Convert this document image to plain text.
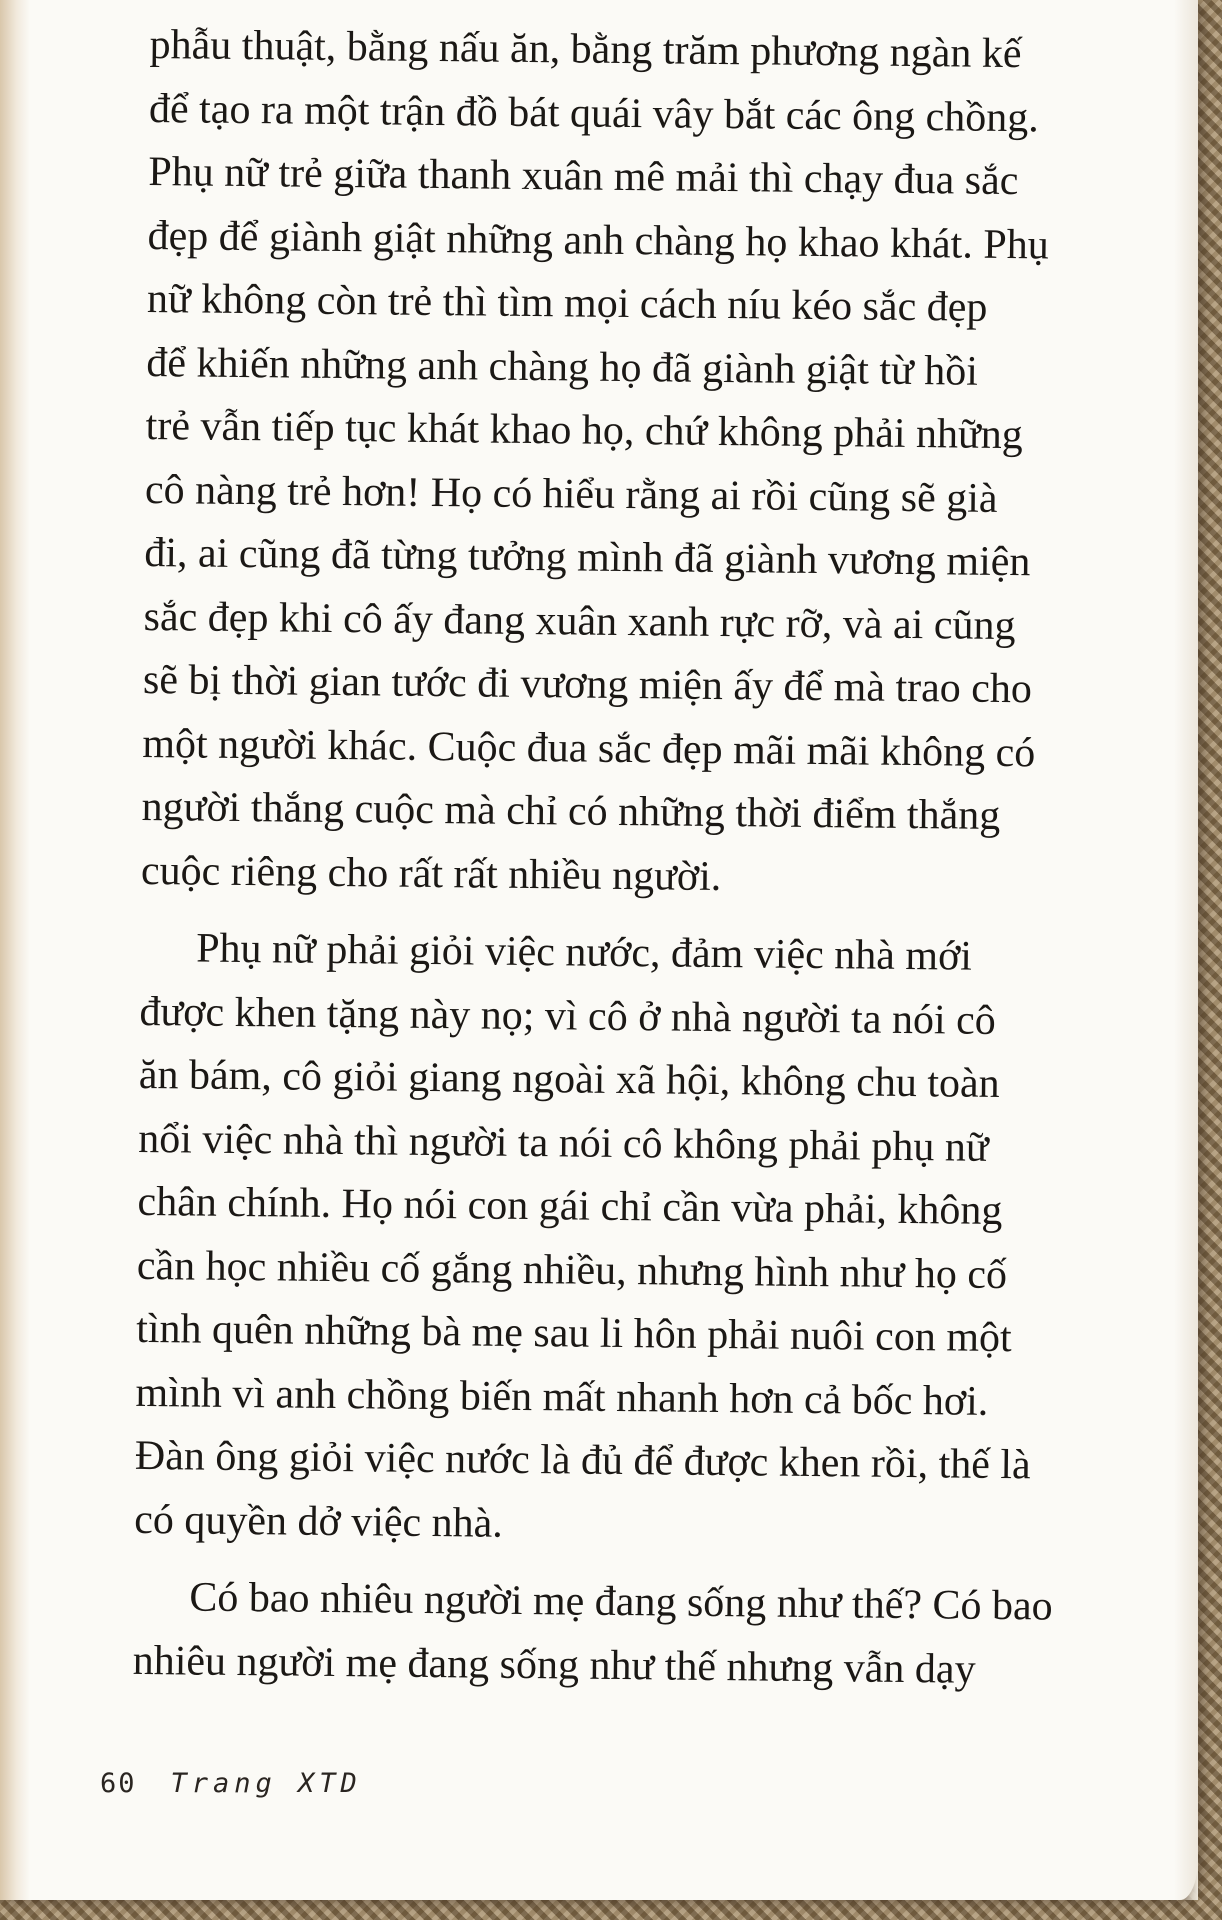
phẫu thuật, bằng nấu ăn, bằng trăm phương ngàn kế
để tạo ra một trận đồ bát quái vây bắt các ông chồng.
Phụ nữ trẻ giữa thanh xuân mê mải thì chạy đua sắc
đẹp để giành giật những anh chàng họ khao khát. Phụ
nữ không còn trẻ thì tìm mọi cách níu kéo sắc đẹp
để khiến những anh chàng họ đã giành giật từ hồi
trẻ vẫn tiếp tục khát khao họ, chứ không phải những
cô nàng trẻ hơn! Họ có hiểu rằng ai rồi cũng sẽ già
đi, ai cũng đã từng tưởng mình đã giành vương miện
sắc đẹp khi cô ấy đang xuân xanh rực rỡ, và ai cũng
sẽ bị thời gian tước đi vương miện ấy để mà trao cho
một người khác. Cuộc đua sắc đẹp mãi mãi không có
người thắng cuộc mà chỉ có những thời điểm thắng
cuộc riêng cho rất rất nhiều người.

Phụ nữ phải giỏi việc nước, đảm việc nhà mới
được khen tặng này nọ; vì cô ở nhà người ta nói cô
ăn bám, cô giỏi giang ngoài xã hội, không chu toàn
nổi việc nhà thì người ta nói cô không phải phụ nữ
chân chính. Họ nói con gái chỉ cần vừa phải, không
cần học nhiều cố gắng nhiều, nhưng hình như họ cố
tình quên những bà mẹ sau li hôn phải nuôi con một
mình vì anh chồng biến mất nhanh hơn cả bốc hơi.
Đàn ông giỏi việc nước là đủ để được khen rồi, thế là
có quyền dở việc nhà.

Có bao nhiêu người mẹ đang sống như thế? Có bao
nhiêu người mẹ đang sống như thế nhưng vẫn dạy

60 Trang XTD
